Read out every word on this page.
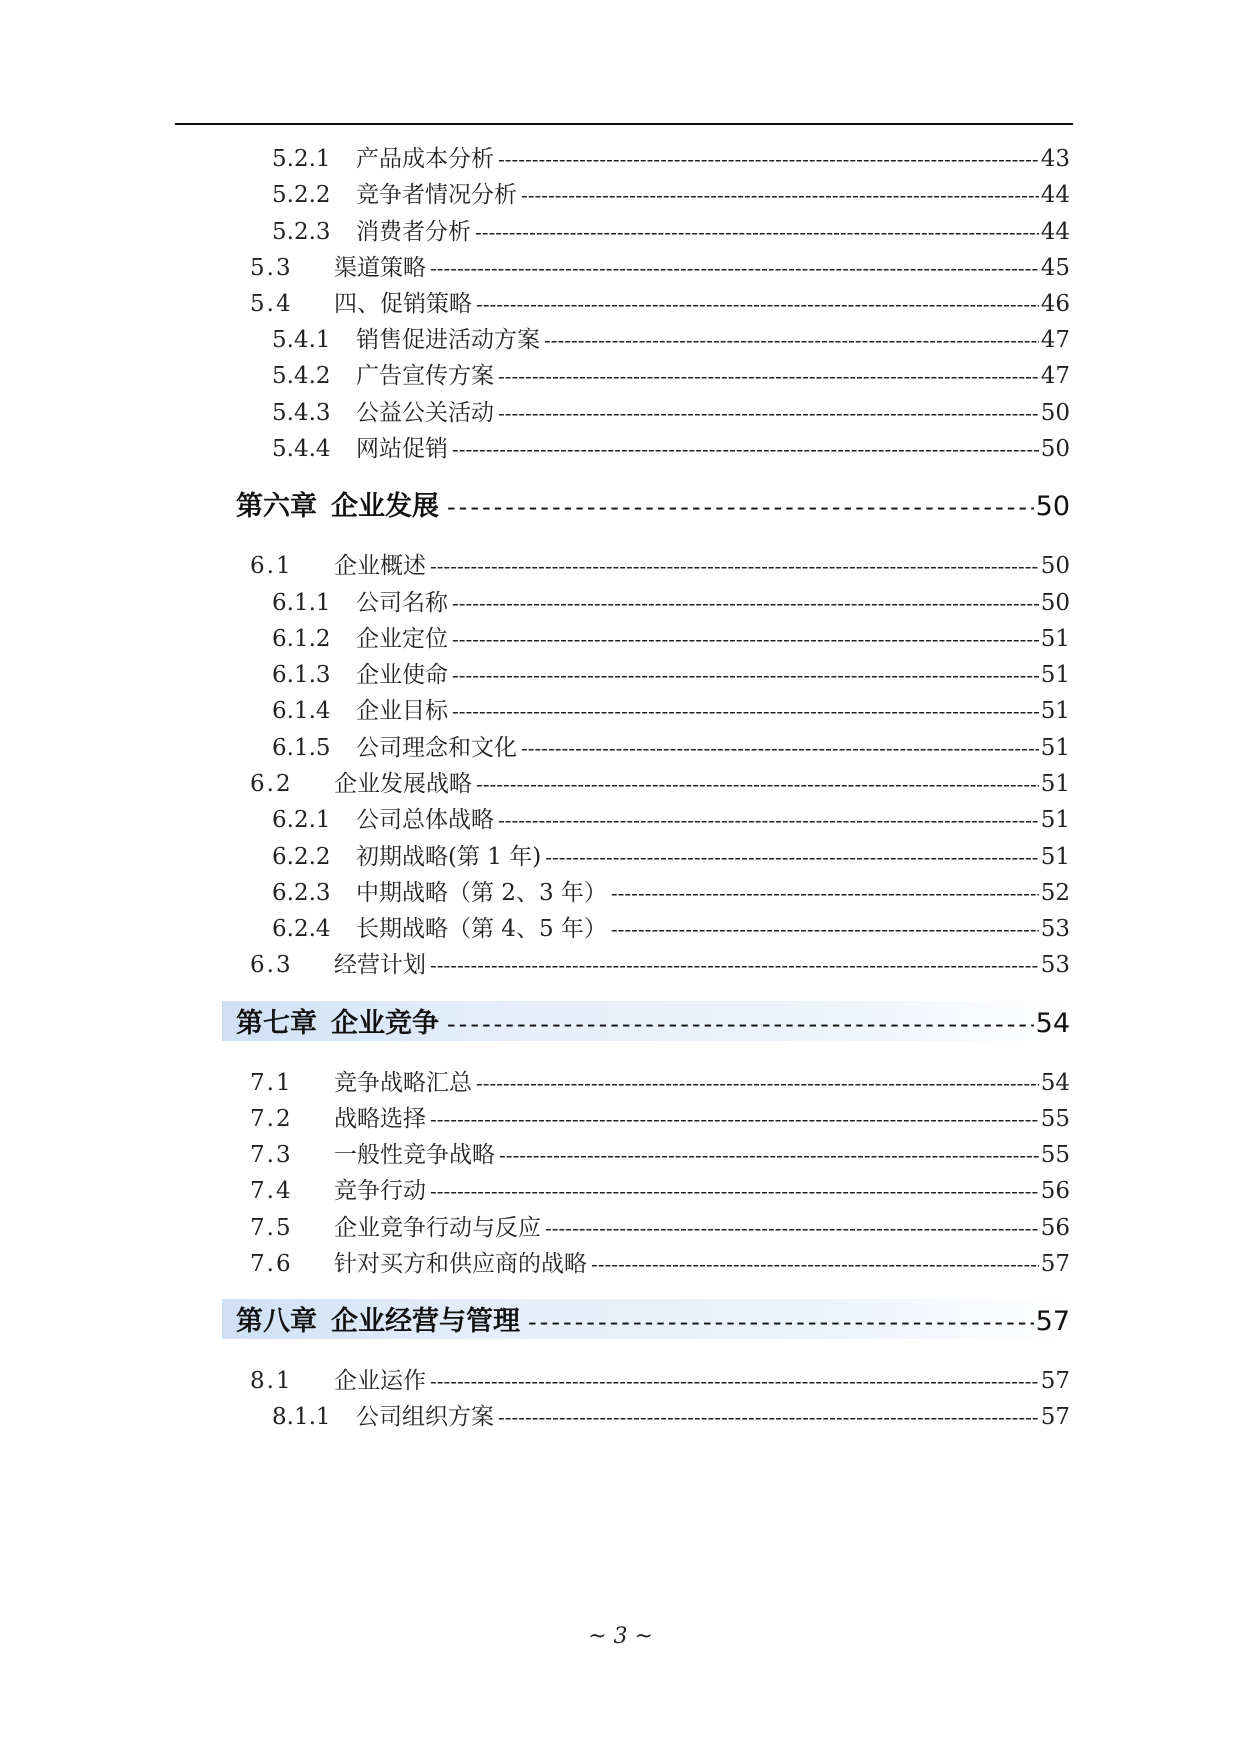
5.2.1	产品成本分析 -----	43
5.2.2	竞争者情况分析 -----	44
5.2.3	消费者分析 -----	44
5.3	渠道策略 -----	45
5.4	四、促销策略 -----	46
5.4.1	销售促进活动方案 -----	47
5.4.2	广告宣传方案 -----	47
5.4.3	公益公关活动 -----	50
5.4.4	网站促销 -----	50
第六章 企业发展 -----	50
6.1	企业概述 -----	50
6.1.1	公司名称 -----	50
6.1.2	企业定位 -----	51
6.1.3	企业使命 -----	51
6.1.4	企业目标 -----	51
6.1.5	公司理念和文化 -----	51
6.2	企业发展战略 -----	51
6.2.1	公司总体战略 -----	51
6.2.2	初期战略(第 1 年) -----	51
6.2.3	中期战略（第 2、3 年） -----	52
6.2.4	长期战略（第 4、5 年） -----	53
6.3	经营计划 -----	53
第七章 企业竞争 -----	54
7.1	竞争战略汇总 -----	54
7.2	战略选择 -----	55
7.3	一般性竞争战略 -----	55
7.4	竞争行动 -----	56
7.5	企业竞争行动与反应 -----	56
7.6	针对买方和供应商的战略 -----	57
第八章 企业经营与管理 -----	57
8.1	企业运作 -----	57
8.1.1	公司组织方案 -----	57
~ 3 ~
